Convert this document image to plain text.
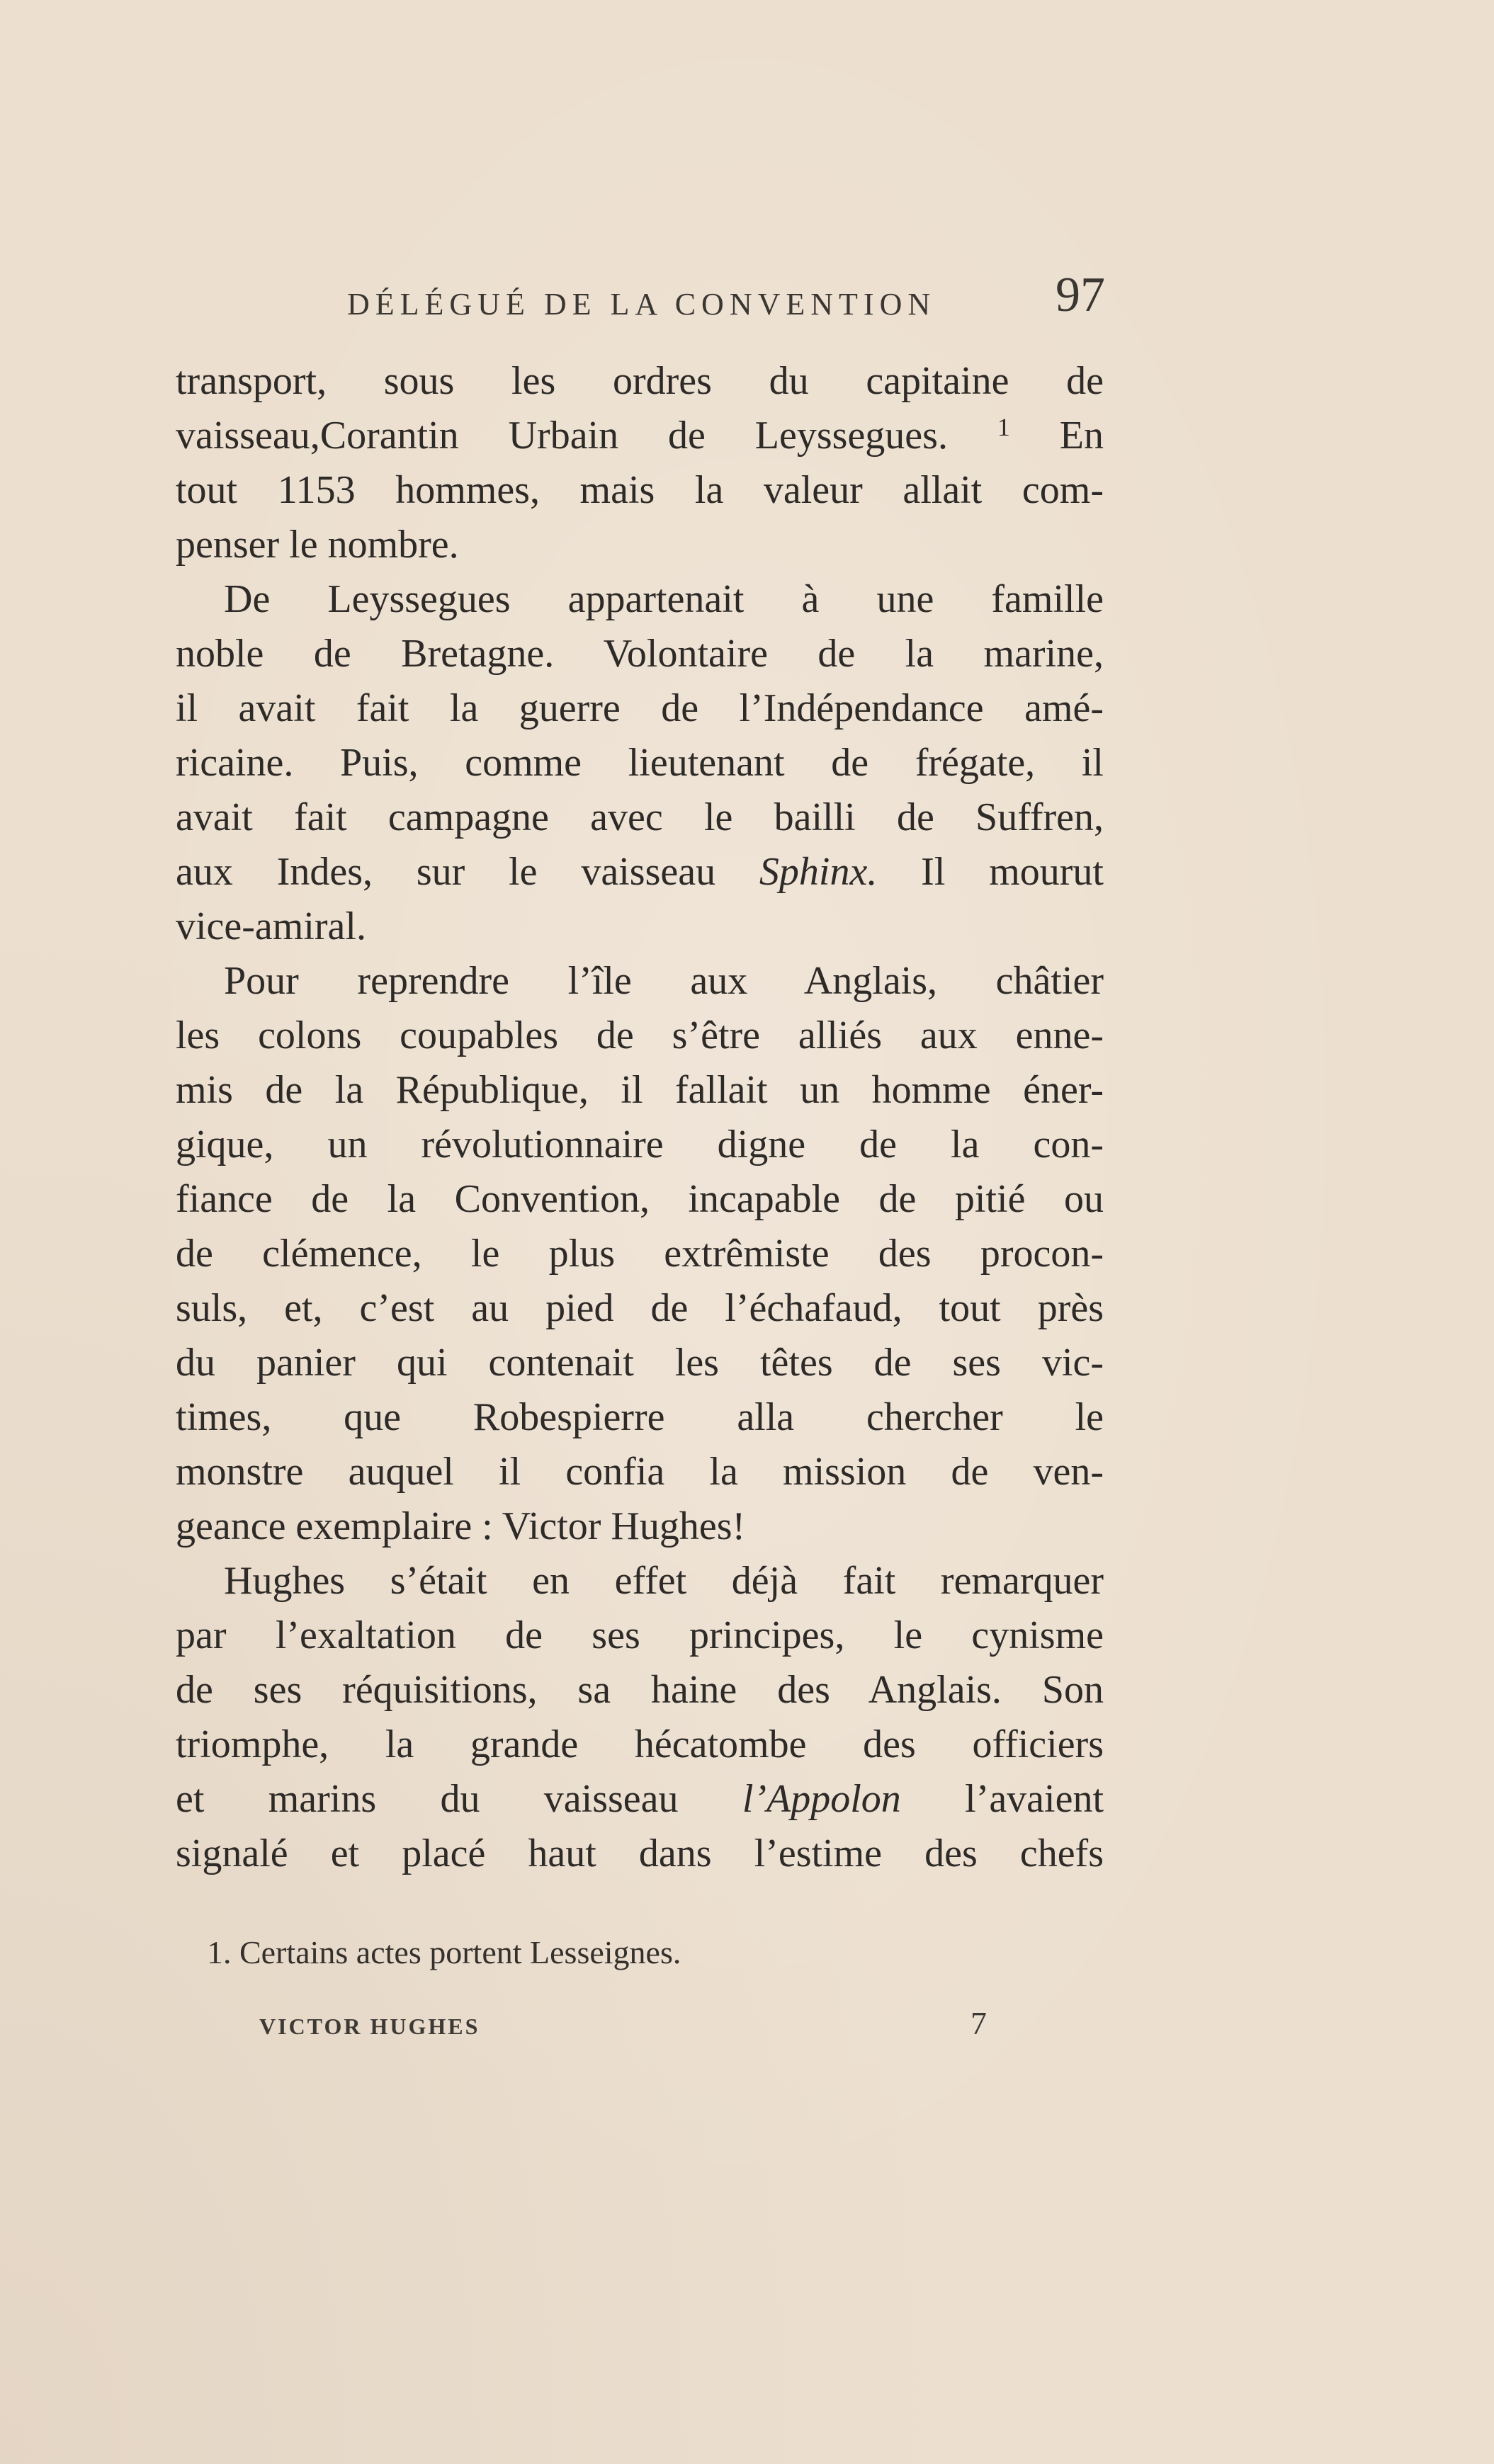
DÉLÉGUÉ DE LA CONVENTION 97
transport, sous les ordres du capitaine de
vaisseau,Corantin Urbain de Leyssegues. $^1$ En
tout 1153 hommes, mais la valeur allait com-
penser le nombre.
De Leyssegues appartenait à une famille
noble de Bretagne. Volontaire de la marine,
il avait fait la guerre de l’Indépendance amé-
ricaine. Puis, comme lieutenant de frégate, il
avait fait campagne avec le bailli de Suffren,
aux Indes, sur le vaisseau Sphinx. Il mourut
vice-amiral.
Pour reprendre l’île aux Anglais, châtier
les colons coupables de s’être alliés aux enne-
mis de la République, il fallait un homme éner-
gique, un révolutionnaire digne de la con-
fiance de la Convention, incapable de pitié ou
de clémence, le plus extrêmiste des procon-
suls, et, c’est au pied de l’échafaud, tout près
du panier qui contenait les têtes de ses vic-
times, que Robespierre alla chercher le
monstre auquel il confia la mission de ven-
geance exemplaire : Victor Hughes!
Hughes s’était en effet déjà fait remarquer
par l’exaltation de ses principes, le cynisme
de ses réquisitions, sa haine des Anglais. Son
triomphe, la grande hécatombe des officiers
et marins du vaisseau l’Appolon l’avaient
signalé et placé haut dans l’estime des chefs
1. Certains actes portent Lesseignes.
VICTOR HUGHES	7
